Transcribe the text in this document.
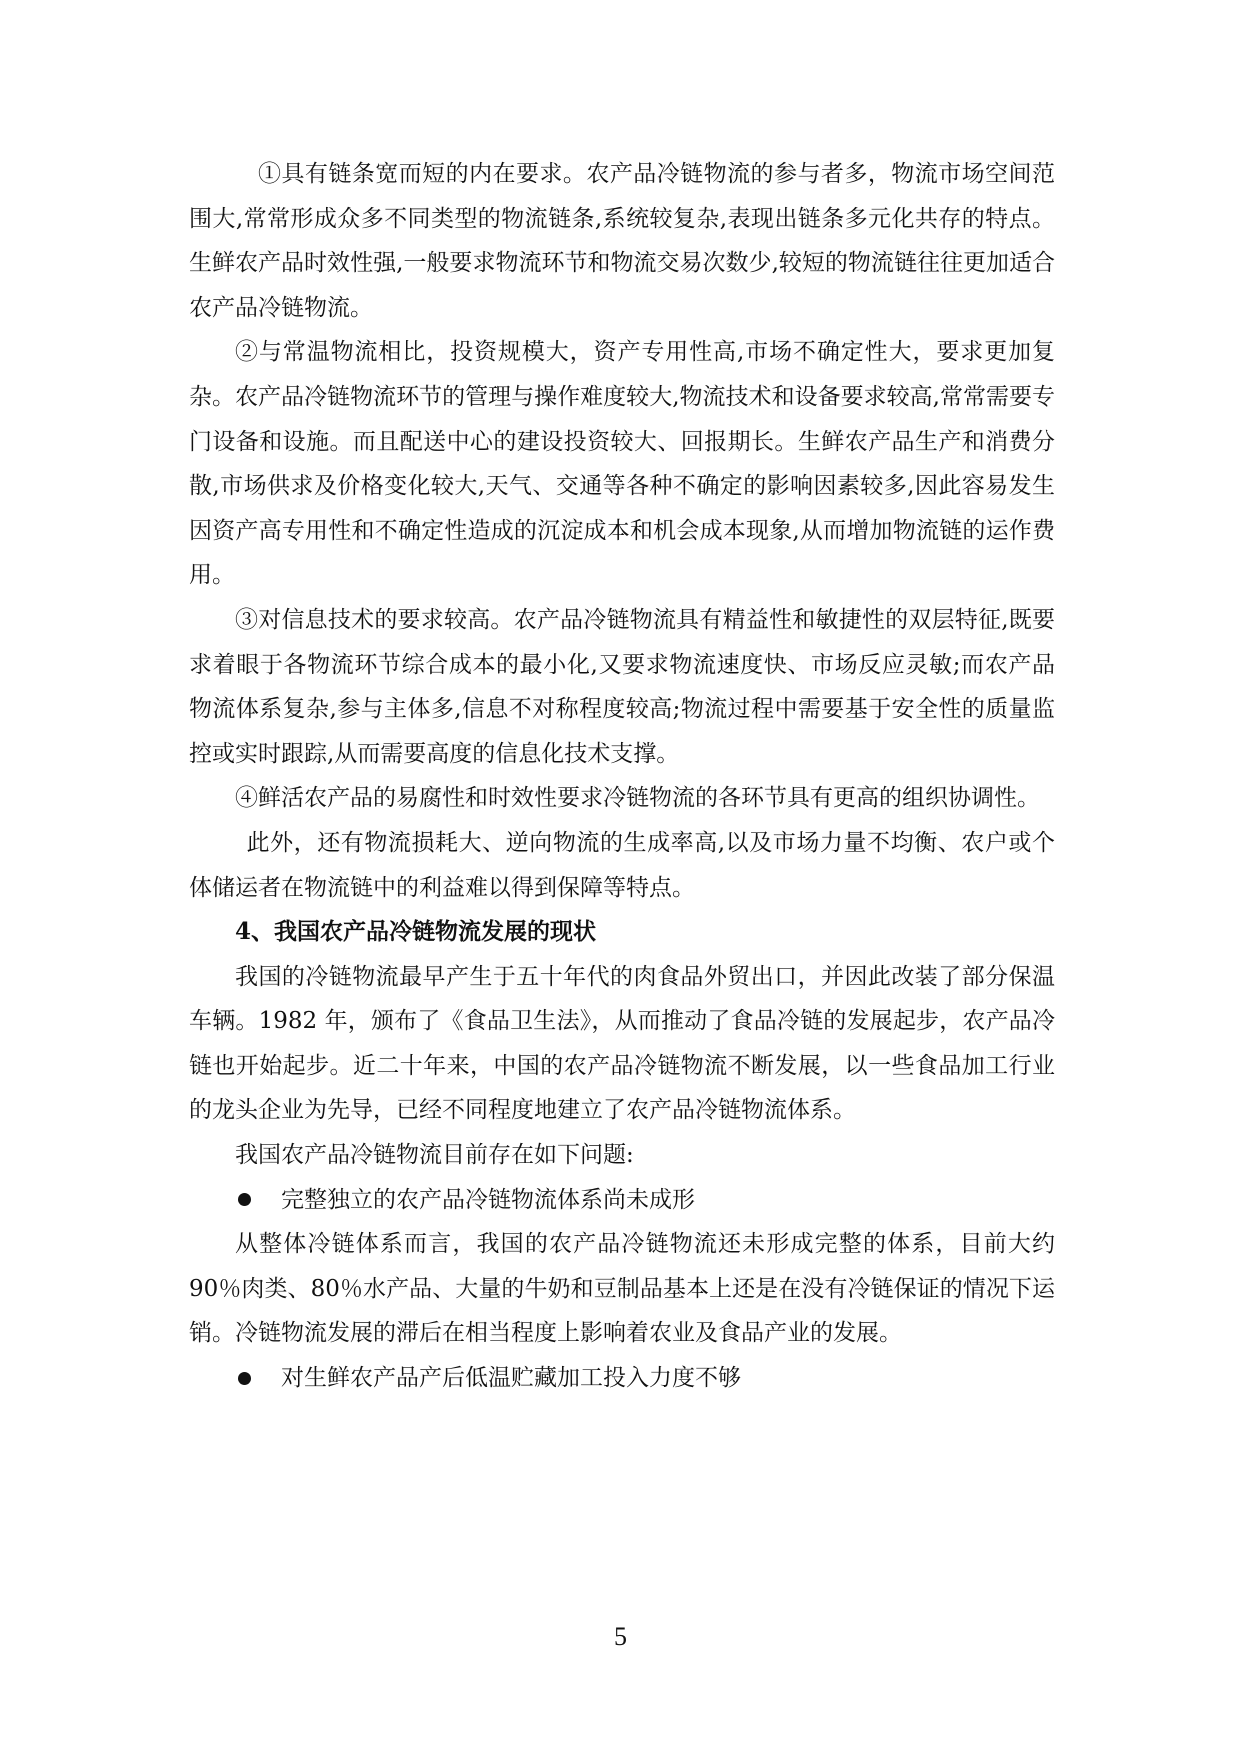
①具有链条宽而短的内在要求。农产品冷链物流的参与者多，物流市场空间范围大,常常形成众多不同类型的物流链条,系统较复杂,表现出链条多元化共存的特点。生鲜农产品时效性强,一般要求物流环节和物流交易次数少,较短的物流链往往更加适合农产品冷链物流。

②与常温物流相比，投资规模大，资产专用性高,市场不确定性大，要求更加复杂。农产品冷链物流环节的管理与操作难度较大,物流技术和设备要求较高,常常需要专门设备和设施。而且配送中心的建设投资较大、回报期长。生鲜农产品生产和消费分散,市场供求及价格变化较大,天气、交通等各种不确定的影响因素较多,因此容易发生因资产高专用性和不确定性造成的沉淀成本和机会成本现象,从而增加物流链的运作费用。

③对信息技术的要求较高。农产品冷链物流具有精益性和敏捷性的双层特征,既要求着眼于各物流环节综合成本的最小化,又要求物流速度快、市场反应灵敏;而农产品物流体系复杂,参与主体多,信息不对称程度较高;物流过程中需要基于安全性的质量监控或实时跟踪,从而需要高度的信息化技术支撑。

④鲜活农产品的易腐性和时效性要求冷链物流的各环节具有更高的组织协调性。

此外，还有物流损耗大、逆向物流的生成率高,以及市场力量不均衡、农户或个体储运者在物流链中的利益难以得到保障等特点。

4、我国农产品冷链物流发展的现状

我国的冷链物流最早产生于五十年代的肉食品外贸出口，并因此改装了部分保温车辆。1982 年，颁布了《食品卫生法》，从而推动了食品冷链的发展起步，农产品冷链也开始起步。近二十年来，中国的农产品冷链物流不断发展，以一些食品加工行业的龙头企业为先导，已经不同程度地建立了农产品冷链物流体系。

我国农产品冷链物流目前存在如下问题:

完整独立的农产品冷链物流体系尚未成形

从整体冷链体系而言，我国的农产品冷链物流还未形成完整的体系，目前大约 90％肉类、80％水产品、大量的牛奶和豆制品基本上还是在没有冷链保证的情况下运销。冷链物流发展的滞后在相当程度上影响着农业及食品产业的发展。

对生鲜农产品产后低温贮藏加工投入力度不够

5
